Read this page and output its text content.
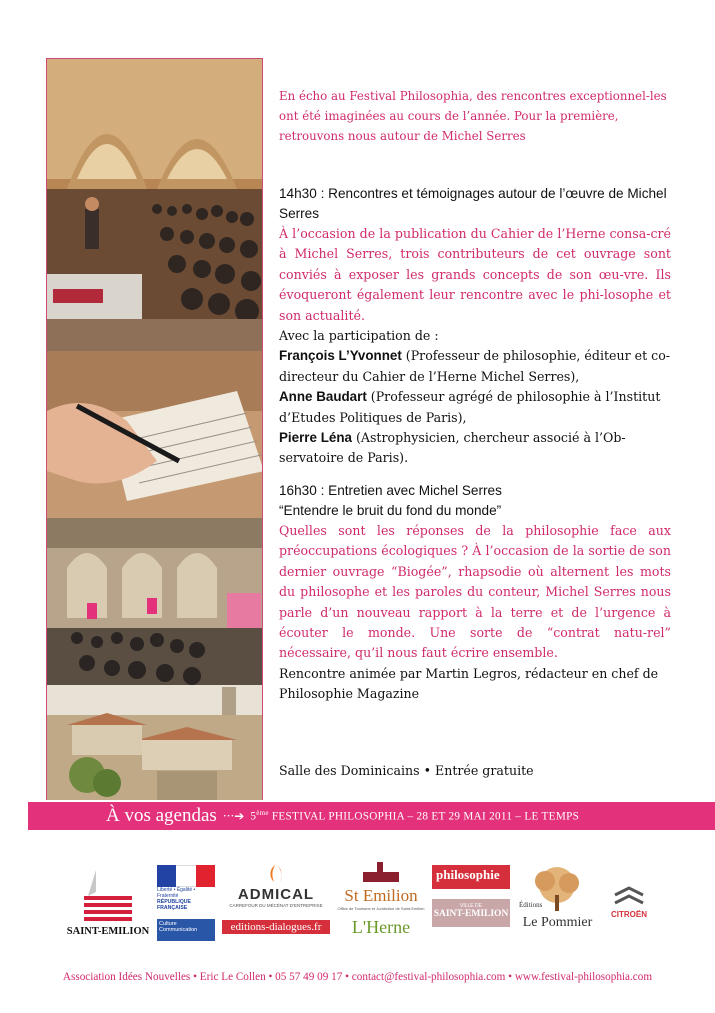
En écho au Festival Philosophia, des rencontres exceptionnel-les ont été imaginées au cours de l’année. Pour la première, retrouvons nous autour de Michel Serres

14h30 : Rencontres et témoignages autour de l’œuvre de Michel Serres

À l’occasion de la publication du Cahier de l’Herne consa-cré à Michel Serres, trois contributeurs de cet ouvrage sont conviés à exposer les grands concepts de son œu-vre. Ils évoqueront également leur rencontre avec le phi-losophe et son actualité.

Avec la participation de :

François L’Yvonnet (Professeur de philosophie, éditeur et co-directeur du Cahier de l’Herne Michel Serres),

Anne Baudart (Professeur agrégé de philosophie à l’Institut d’Etudes Politiques de Paris),

Pierre Léna (Astrophysicien, chercheur associé à l’Ob-servatoire de Paris).

16h30 : Entretien avec Michel Serres

“Entendre le bruit du fond du monde”

Quelles sont les réponses de la philosophie face aux préoccupations écologiques ? À l’occasion de la sortie de son dernier ouvrage “Biogée”, rhapsodie où alternent les mots du philosophe et les paroles du conteur, Michel Serres nous parle d’un nouveau rapport à la terre et de l’urgence à écouter le monde. Une sorte de “contrat natu-rel” nécessaire, qu’il nous faut écrire ensemble.

Rencontre animée par Martin Legros, rédacteur en chef de Philosophie Magazine

Salle des Dominicains • Entrée gratuite
À vos agendas ···➔ 5ème FESTIVAL PHILOSOPHIA – 28 ET 29 MAI 2011 – LE TEMPS
SAINT-EMILION
Liberté • Égalité • Fraternité
RÉPUBLIQUE FRANÇAISE
Culture Communication
ADMICAL
CARREFOUR DU MÉCÉNAT D'ENTREPRISE
editions-dialogues.fr
St Emilion
Office de Tourisme et Juridiction de Saint-Emilion
L'Herne
philosophie
MAGAZINE
VILLE DE
SAINT-EMILION
Éditions
Le Pommier
CITROËN
Association Idées Nouvelles • Eric Le Collen • 05 57 49 09 17 • contact@festival-philosophia.com • www.festival-philosophia.com
